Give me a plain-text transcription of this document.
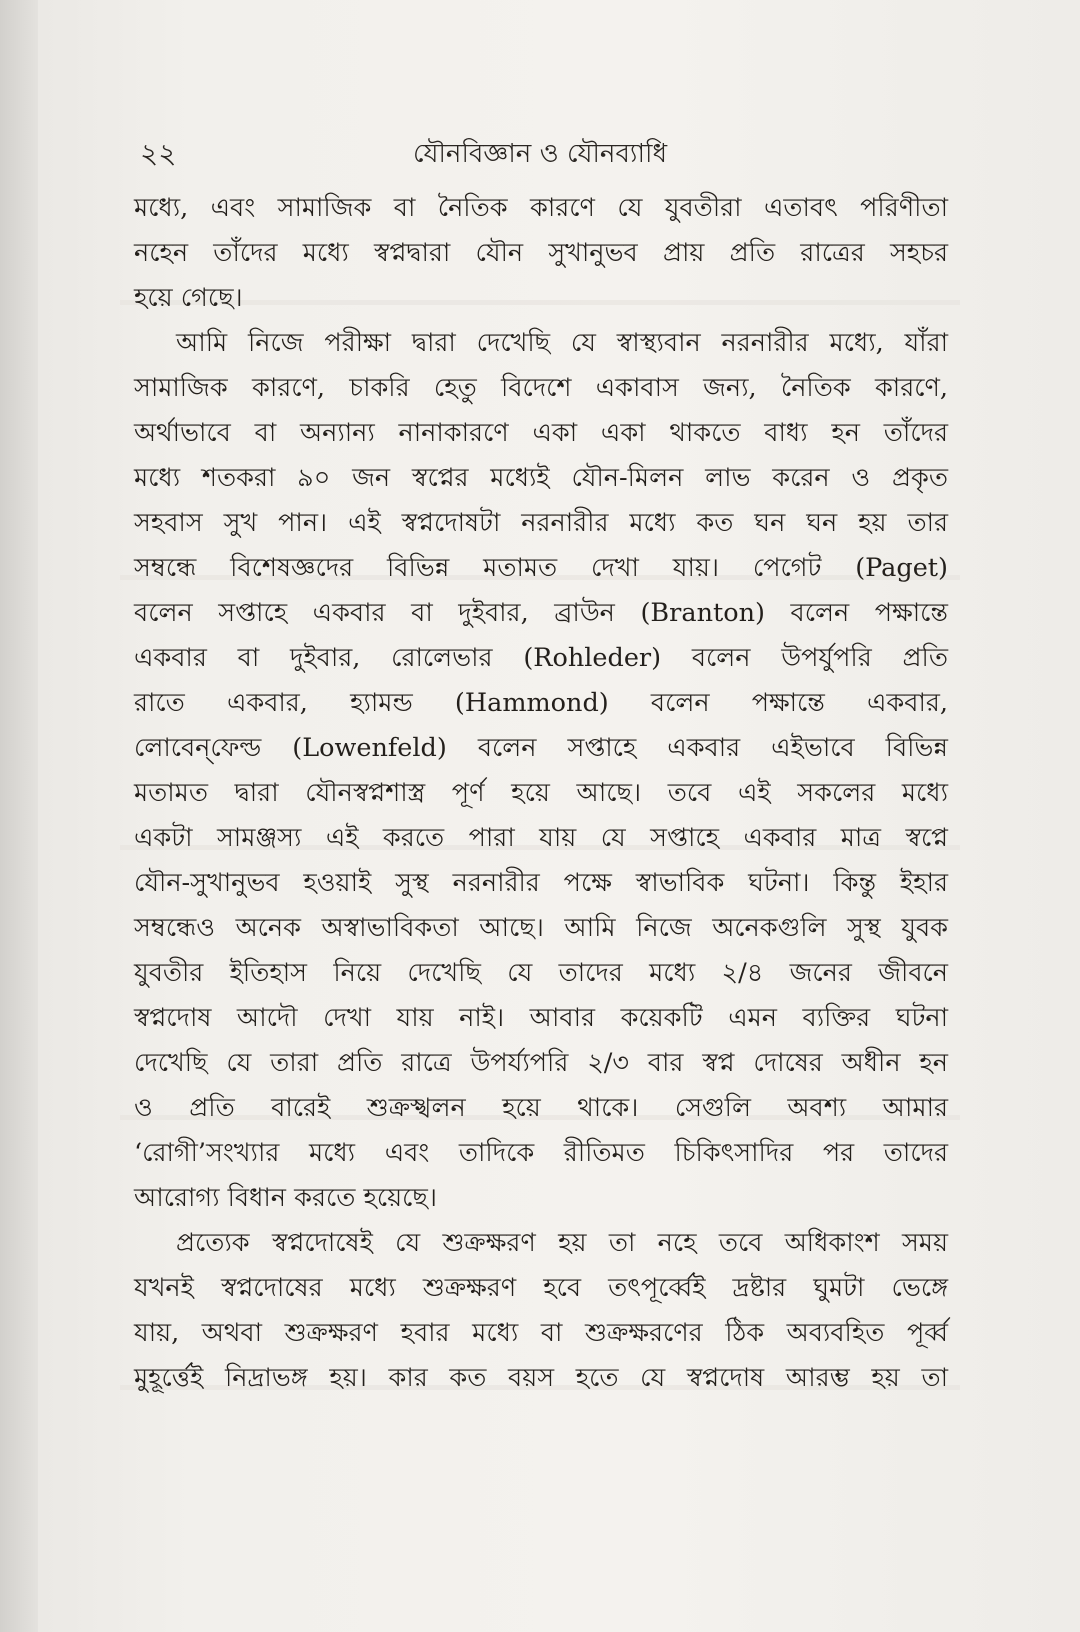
২২	যৌনবিজ্ঞান ও যৌনব্যাধি
মধ্যে, এবং সামাজিক বা নৈতিক কারণে যে যুবতীরা এতাবৎ পরিণীতা
নহেন তাঁদের মধ্যে স্বপ্নদ্বারা যৌন সুখানুভব প্রায় প্রতি রাত্রের সহচর
হয়ে গেছে।
আমি নিজে পরীক্ষা দ্বারা দেখেছি যে স্বাস্থ্যবান নরনারীর মধ্যে, যাঁরা
সামাজিক কারণে, চাকরি হেতু বিদেশে একাবাস জন্য, নৈতিক কারণে,
অর্থাভাবে বা অন্যান্য নানাকারণে একা একা থাকতে বাধ্য হন তাঁদের
মধ্যে শতকরা ৯০ জন স্বপ্নের মধ্যেই যৌন-মিলন লাভ করেন ও প্রকৃত
সহবাস সুখ পান। এই স্বপ্নদোষটা নরনারীর মধ্যে কত ঘন ঘন হয় তার
সম্বন্ধে বিশেষজ্ঞদের বিভিন্ন মতামত দেখা যায়। পেগেট (Paget)
বলেন সপ্তাহে একবার বা দুইবার, ব্রাউন (Branton) বলেন পক্ষান্তে
একবার বা দুইবার, রোলেভার (Rohleder) বলেন উপর্যুপরি প্রতি
রাতে একবার, হ্যামন্ড (Hammond) বলেন পক্ষান্তে একবার,
লোবেন্‌ফেল্ড (Lowenfeld) বলেন সপ্তাহে একবার এইভাবে বিভিন্ন
মতামত দ্বারা যৌনস্বপ্নশাস্ত্র পূর্ণ হয়ে আছে। তবে এই সকলের মধ্যে
একটা সামঞ্জস্য এই করতে পারা যায় যে সপ্তাহে একবার মাত্র স্বপ্নে
যৌন-সুখানুভব হওয়াই সুস্থ নরনারীর পক্ষে স্বাভাবিক ঘটনা। কিন্তু ইহার
সম্বন্ধেও অনেক অস্বাভাবিকতা আছে। আমি নিজে অনেকগুলি সুস্থ যুবক
যুবতীর ইতিহাস নিয়ে দেখেছি যে তাদের মধ্যে ২/৪ জনের জীবনে
স্বপ্নদোষ আদৌ দেখা যায় নাই। আবার কয়েকটি এমন ব্যক্তির ঘটনা
দেখেছি যে তারা প্রতি রাত্রে উপর্য্যপরি ২/৩ বার স্বপ্ন দোষের অধীন হন
ও প্রতি বারেই শুক্রস্খলন হয়ে থাকে। সেগুলি অবশ্য আমার
‘রোগী’সংখ্যার মধ্যে এবং তাদিকে রীতিমত চিকিৎসাদির পর তাদের
আরোগ্য বিধান করতে হয়েছে।
প্রত্যেক স্বপ্নদোষেই যে শুক্রক্ষরণ হয় তা নহে তবে অধিকাংশ সময়
যখনই স্বপ্নদোষের মধ্যে শুক্রক্ষরণ হবে তৎপূর্ব্বেই দ্রষ্টার ঘুমটা ভেঙ্গে
যায়, অথবা শুক্রক্ষরণ হবার মধ্যে বা শুক্রক্ষরণের ঠিক অব্যবহিত পূর্ব্ব
মুহূর্ত্তেই নিদ্রাভঙ্গ হয়। কার কত বয়স হতে যে স্বপ্নদোষ আরম্ভ হয় তা
